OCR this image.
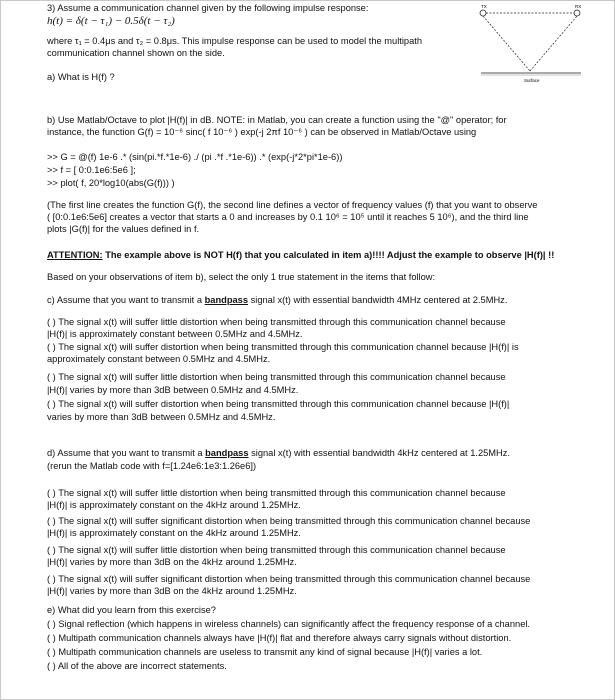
3) Assume a communication channel given by the following impulse response:
h(t) = δ(t − τ₁) − 0.5δ(t − τ₂)
where τ₁ = 0.4μs and τ₂ = 0.8μs. This impulse response can be used to model the multipath
communication channel shown on the side.
a) What is H(f) ?
TX	RX
Surface
b) Use Matlab/Octave to plot |H(f)| in dB. NOTE: in Matlab, you can create a function using the "@" operator; for
instance, the function G(f) = 10⁻⁶ sinc( f 10⁻⁶ ) exp(-j 2πf 10⁻⁶ ) can be observed in Matlab/Octave using
>> G = @(f) 1e-6 .* (sin(pi.*f.*1e-6) ./ (pi .*f .*1e-6)) .* (exp(-j*2*pi*1e-6))
>> f = [ 0:0.1e6:5e6 ];
>> plot( f, 20*log10(abs(G(f))) )
(The first line creates the function G(f), the second line defines a vector of frequency values (f) that you want to observe
( [0:0.1e6:5e6] creates a vector that starts a 0 and increases by 0.1 10⁶ = 10⁵ until it reaches 5 10⁶), and the third line
plots |G(f)| for the values defined in f.
ATTENTION: The example above is NOT H(f) that you calculated in item a)!!!! Adjust the example to observe |H(f)| !!
Based on your observations of item b), select the only 1 true statement in the items that follow:
c) Assume that you want to transmit a bandpass signal x(t) with essential bandwidth 4MHz centered at 2.5MHz.
( ) The signal x(t) will suffer little distortion when being transmitted through this communication channel because
|H(f)| is approximately constant between 0.5MHz and 4.5MHz.
( ) The signal x(t) will suffer distortion when being transmitted through this communication channel because |H(f)| is
approximately constant between 0.5MHz and 4.5MHz.
( ) The signal x(t) will suffer little distortion when being transmitted through this communication channel because
|H(f)| varies by more than 3dB between 0.5MHz and 4.5MHz.
( ) The signal x(t) will suffer distortion when being transmitted through this communication channel because |H(f)|
varies by more than 3dB between 0.5MHz and 4.5MHz.
d) Assume that you want to transmit a bandpass signal x(t) with essential bandwidth 4kHz centered at 1.25MHz.
(rerun the Matlab code with f=[1.24e6:1e3:1.26e6])
( ) The signal x(t) will suffer little distortion when being transmitted through this communication channel because
|H(f)| is approximately constant on the 4kHz around 1.25MHz.
( ) The signal x(t) will suffer significant distortion when being transmitted through this communication channel because
|H(f)| is approximately constant on the 4kHz around 1.25MHz.
( ) The signal x(t) will suffer little distortion when being transmitted through this communication channel because
|H(f)| varies by more than 3dB on the 4kHz around 1.25MHz.
( ) The signal x(t) will suffer significant distortion when being transmitted through this communication channel because
|H(f)| varies by more than 3dB on the 4kHz around 1.25MHz.
e) What did you learn from this exercise?
( ) Signal reflection (which happens in wireless channels) can significantly affect the frequency response of a channel.
( ) Multipath communication channels always have |H(f)| flat and therefore always carry signals without distortion.
( ) Multipath communication channels are useless to transmit any kind of signal because |H(f)| varies a lot.
( ) All of the above are incorrect statements.
